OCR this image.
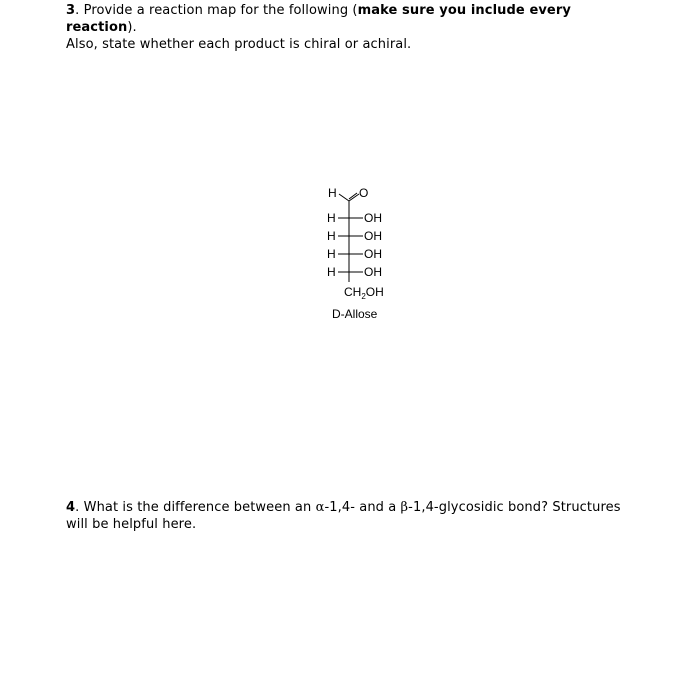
3. Provide a reaction map for the following (make sure you include every reaction).
Also, state whether each product is chiral or achiral.
H O
H OH
H OH
H OH
H OH
$CH_2OH$
D-Allose
4. What is the difference between an α-1,4- and a β-1,4-glycosidic bond? Structures will be helpful here.
